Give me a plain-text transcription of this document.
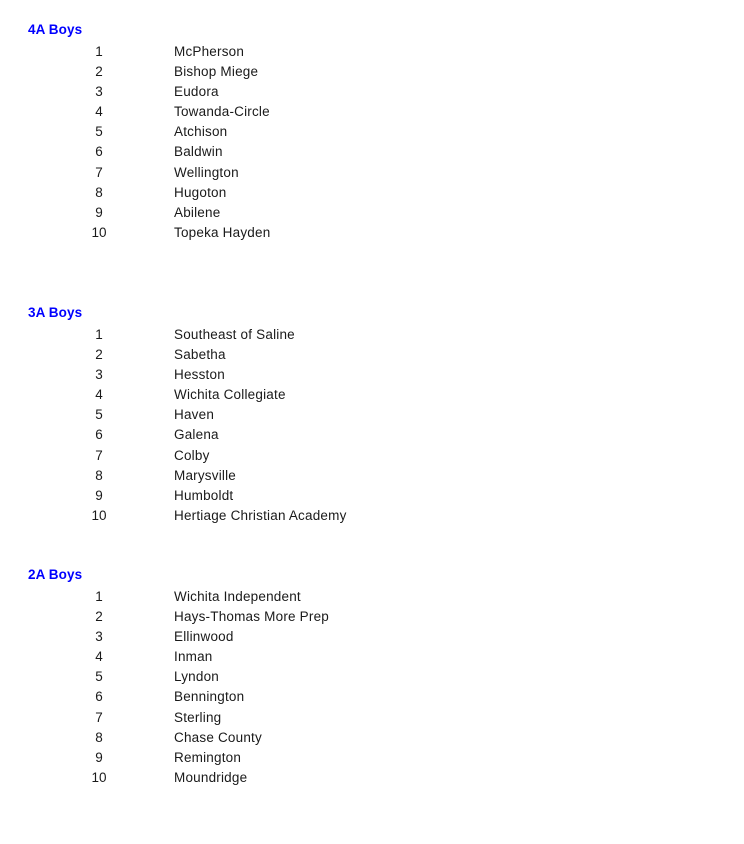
4A Boys
1	McPherson
2	Bishop Miege
3	Eudora
4	Towanda-Circle
5	Atchison
6	Baldwin
7	Wellington
8	Hugoton
9	Abilene
10	Topeka Hayden
3A Boys
1	Southeast of Saline
2	Sabetha
3	Hesston
4	Wichita Collegiate
5	Haven
6	Galena
7	Colby
8	Marysville
9	Humboldt
10	Hertiage Christian Academy
2A Boys
1	Wichita Independent
2	Hays-Thomas More Prep
3	Ellinwood
4	Inman
5	Lyndon
6	Bennington
7	Sterling
8	Chase County
9	Remington
10	Moundridge
